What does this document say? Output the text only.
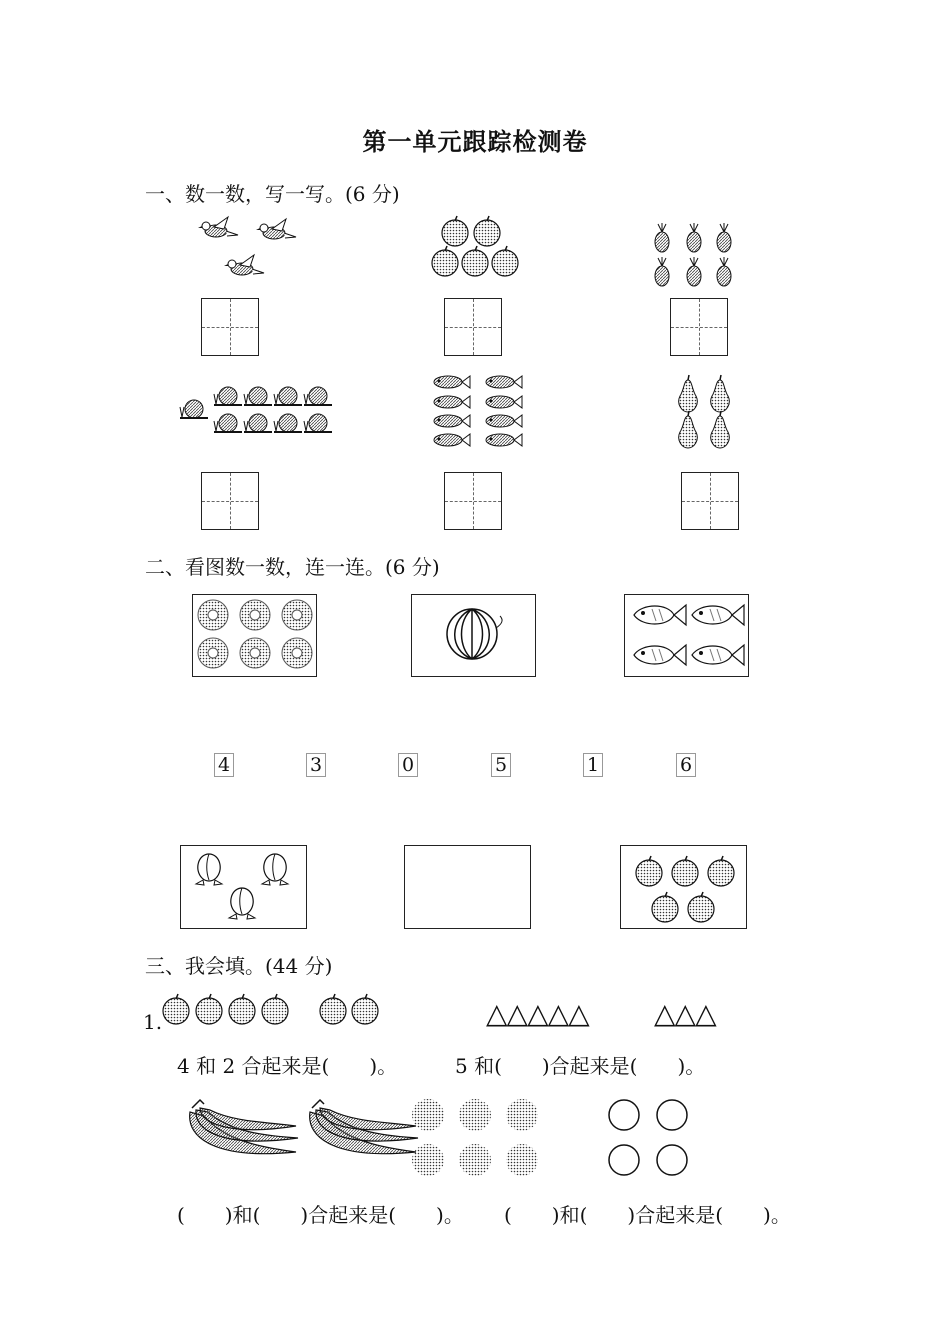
第一单元跟踪检测卷
一、数一数，写一写。(6 分)
二、看图数一数，连一连。(6 分)
4	3	0	5	1	6
三、我会填。(44 分)
1.	△△△△△ △△△
4 和 2 合起来是(　　)。	5 和(　　)合起来是(　　)。
(　　)和(　　)合起来是(　　)。 (　　)和(　　)合起来是(　　)。
